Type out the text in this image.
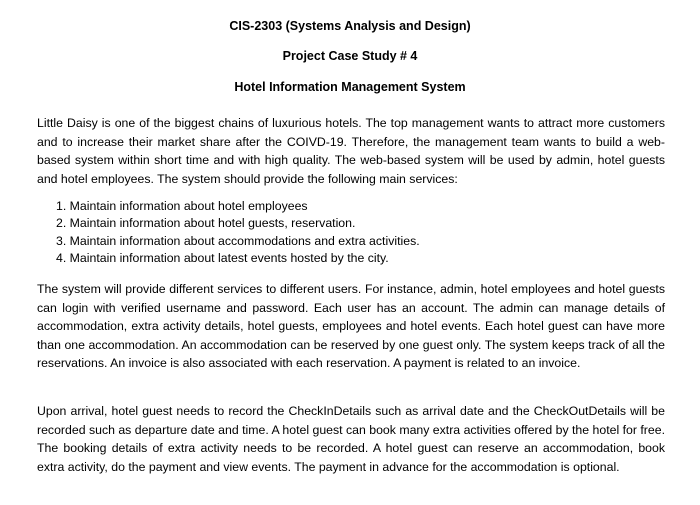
CIS-2303 (Systems Analysis and Design)
Project Case Study # 4
Hotel Information Management System

Little Daisy is one of the biggest chains of luxurious hotels. The top management wants to attract more customers and to increase their market share after the COIVD-19. Therefore, the management team wants to build a web-based system within short time and with high quality. The web-based system will be used by admin, hotel guests and hotel employees. The system should provide the following main services:

1. Maintain information about hotel employees
2. Maintain information about hotel guests, reservation.
3. Maintain information about accommodations and extra activities.
4. Maintain information about latest events hosted by the city.

The system will provide different services to different users. For instance, admin, hotel employees and hotel guests can login with verified username and password. Each user has an account. The admin can manage details of accommodation, extra activity details, hotel guests, employees and hotel events. Each hotel guest can have more than one accommodation. An accommodation can be reserved by one guest only. The system keeps track of all the reservations. An invoice is also associated with each reservation. A payment is related to an invoice.

Upon arrival, hotel guest needs to record the CheckInDetails such as arrival date and the CheckOutDetails will be recorded such as departure date and time. A hotel guest can book many extra activities offered by the hotel for free. The booking details of extra activity needs to be recorded. A hotel guest can reserve an accommodation, book extra activity, do the payment and view events. The payment in advance for the accommodation is optional.
